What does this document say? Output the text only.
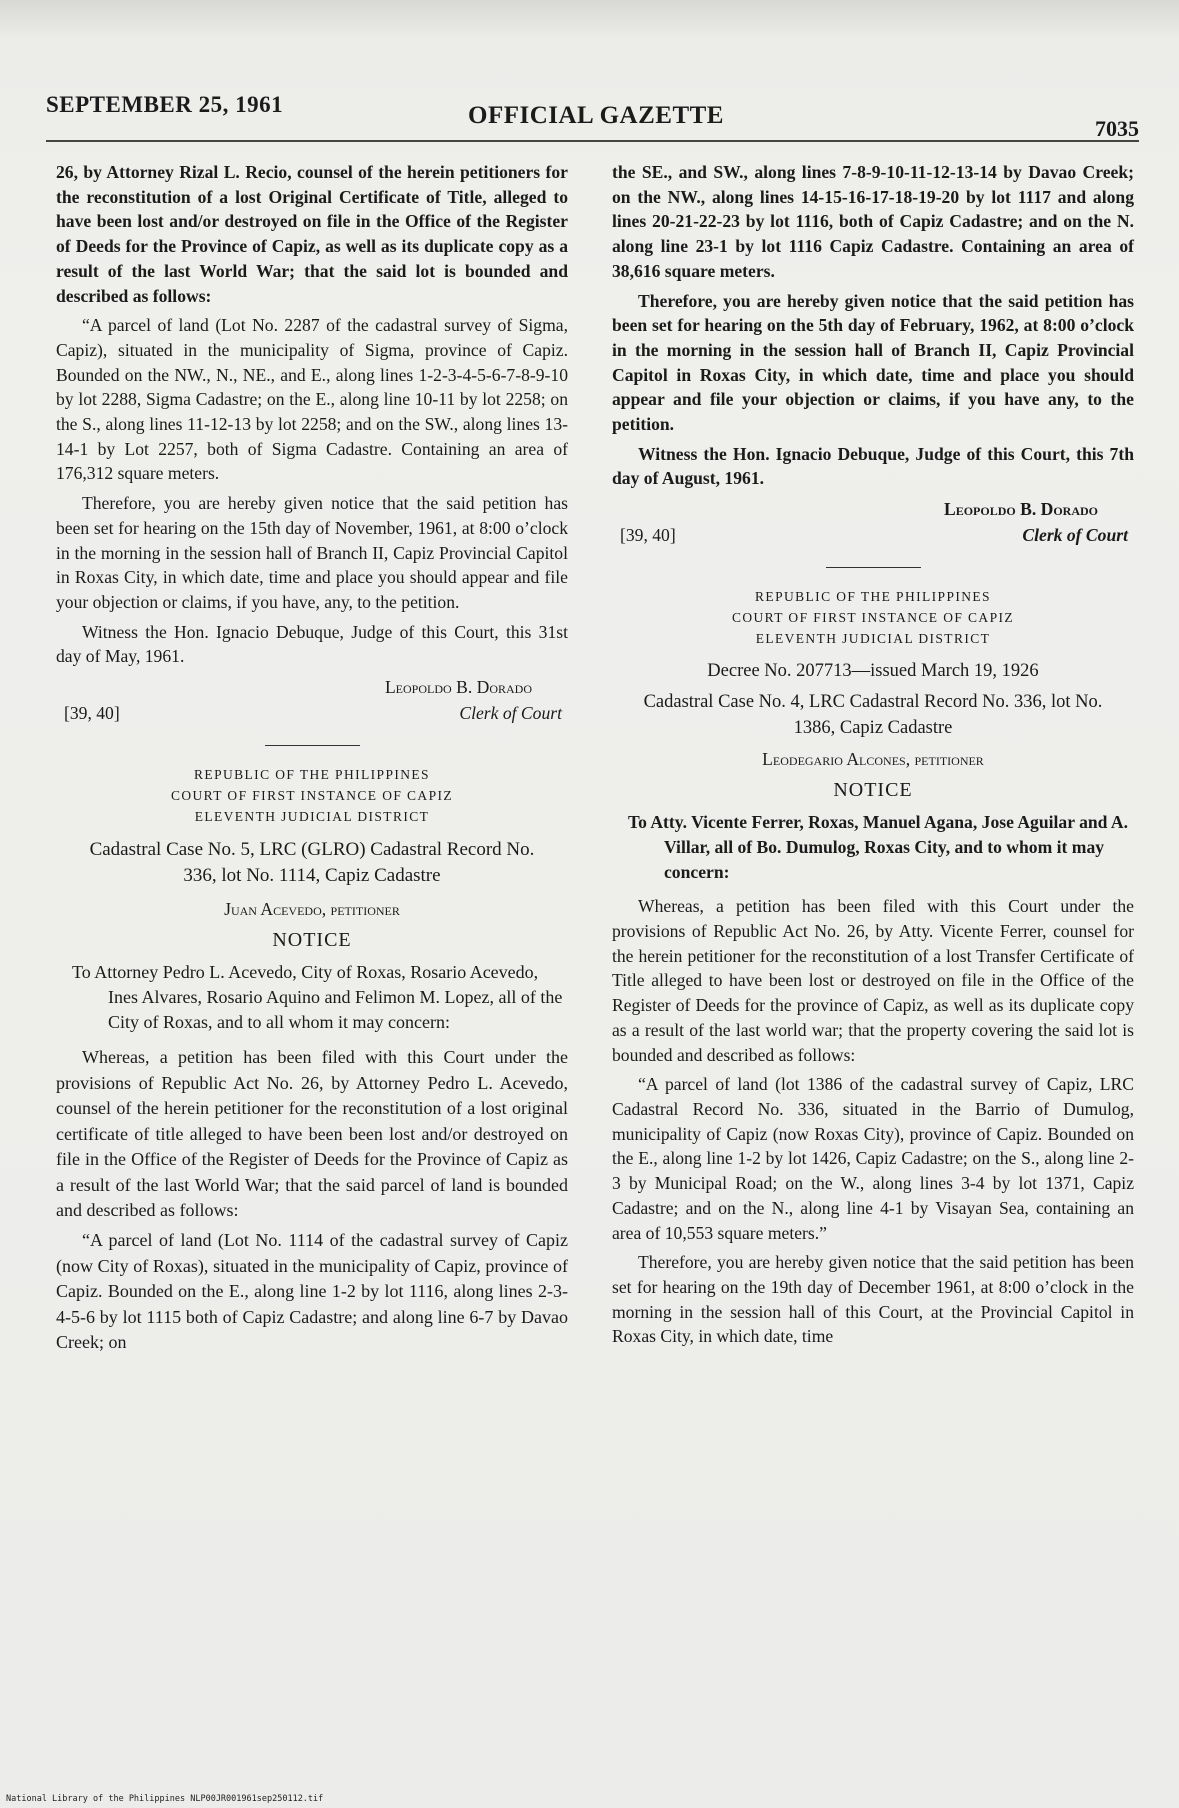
SEPTEMBER 25, 1961	OFFICIAL GAZETTE	7035

26, by Attorney Rizal L. Recio, counsel of the herein petitioners for the reconstitution of a lost Original Certificate of Title, alleged to have been lost and/or destroyed on file in the Office of the Register of Deeds for the Province of Capiz, as well as its duplicate copy as a result of the last World War; that the said lot is bounded and described as follows:

“A parcel of land (Lot No. 2287 of the cadastral survey of Sigma, Capiz), situated in the municipality of Sigma, province of Capiz. Bounded on the NW., N., NE., and E., along lines 1-2-3-4-5-6-7-8-9-10 by lot 2288, Sigma Cadastre; on the E., along line 10-11 by lot 2258; on the S., along lines 11-12-13 by lot 2258; and on the SW., along lines 13-14-1 by Lot 2257, both of Sigma Cadastre. Containing an area of 176,312 square meters.

Therefore, you are hereby given notice that the said petition has been set for hearing on the 15th day of November, 1961, at 8:00 o’clock in the morning in the session hall of Branch II, Capiz Provincial Capitol in Roxas City, in which date, time and place you should appear and file your objection or claims, if you have, any, to the petition.

Witness the Hon. Ignacio Debuque, Judge of this Court, this 31st day of May, 1961.

Leopoldo B. Dorado
Clerk of Court
[39, 40]
REPUBLIC OF THE PHILIPPINES
COURT OF FIRST INSTANCE OF CAPIZ
ELEVENTH JUDICIAL DISTRICT

Cadastral Case No. 5, LRC (GLRO) Cadastral Record No. 336, lot No. 1114, Capiz Cadastre

Juan Acevedo, petitioner

NOTICE

To Attorney Pedro L. Acevedo, City of Roxas, Rosario Acevedo, Ines Alvares, Rosario Aquino and Felimon M. Lopez, all of the City of Roxas, and to all whom it may concern:

Whereas, a petition has been filed with this Court under the provisions of Republic Act No. 26, by Attorney Pedro L. Acevedo, counsel of the herein petitioner for the reconstitution of a lost original certificate of title alleged to have been been lost and/or destroyed on file in the Office of the Register of Deeds for the Province of Capiz as a result of the last World War; that the said parcel of land is bounded and described as follows:

“A parcel of land (Lot No. 1114 of the cadastral survey of Capiz (now City of Roxas), situated in the municipality of Capiz, province of Capiz. Bounded on the E., along line 1-2 by lot 1116, along lines 2-3-4-5-6 by lot 1115 both of Capiz Cadastre; and along line 6-7 by Davao Creek; on

the SE., and SW., along lines 7-8-9-10-11-12-13-14 by Davao Creek; on the NW., along lines 14-15-16-17-18-19-20 by lot 1117 and along lines 20-21-22-23 by lot 1116, both of Capiz Cadastre; and on the N. along line 23-1 by lot 1116 Capiz Cadastre. Containing an area of 38,616 square meters.

Therefore, you are hereby given notice that the said petition has been set for hearing on the 5th day of February, 1962, at 8:00 o’clock in the morning in the session hall of Branch II, Capiz Provincial Capitol in Roxas City, in which date, time and place you should appear and file your objection or claims, if you have any, to the petition.

Witness the Hon. Ignacio Debuque, Judge of this Court, this 7th day of August, 1961.

Leopoldo B. Dorado
Clerk of Court
[39, 40]
REPUBLIC OF THE PHILIPPINES
COURT OF FIRST INSTANCE OF CAPIZ
ELEVENTH JUDICIAL DISTRICT

Decree No. 207713—issued March 19, 1926

Cadastral Case No. 4, LRC Cadastral Record No. 336, lot No. 1386, Capiz Cadastre

Leodegario Alcones, petitioner

NOTICE

To Atty. Vicente Ferrer, Roxas, Manuel Agana, Jose Aguilar and A. Villar, all of Bo. Dumulog, Roxas City, and to whom it may concern:

Whereas, a petition has been filed with this Court under the provisions of Republic Act No. 26, by Atty. Vicente Ferrer, counsel for the herein petitioner for the reconstitution of a lost Transfer Certificate of Title alleged to have been lost or destroyed on file in the Office of the Register of Deeds for the province of Capiz, as well as its duplicate copy as a result of the last world war; that the property covering the said lot is bounded and described as follows:

“A parcel of land (lot 1386 of the cadastral survey of Capiz, LRC Cadastral Record No. 336, situated in the Barrio of Dumulog, municipality of Capiz (now Roxas City), province of Capiz. Bounded on the E., along line 1-2 by lot 1426, Capiz Cadastre; on the S., along line 2-3 by Municipal Road; on the W., along lines 3-4 by lot 1371, Capiz Cadastre; and on the N., along line 4-1 by Visayan Sea, containing an area of 10,553 square meters.”

Therefore, you are hereby given notice that the said petition has been set for hearing on the 19th day of December 1961, at 8:00 o’clock in the morning in the session hall of this Court, at the Provincial Capitol in Roxas City, in which date, time

National Library of the Philippines NLP00JR001961sep250112.tif
